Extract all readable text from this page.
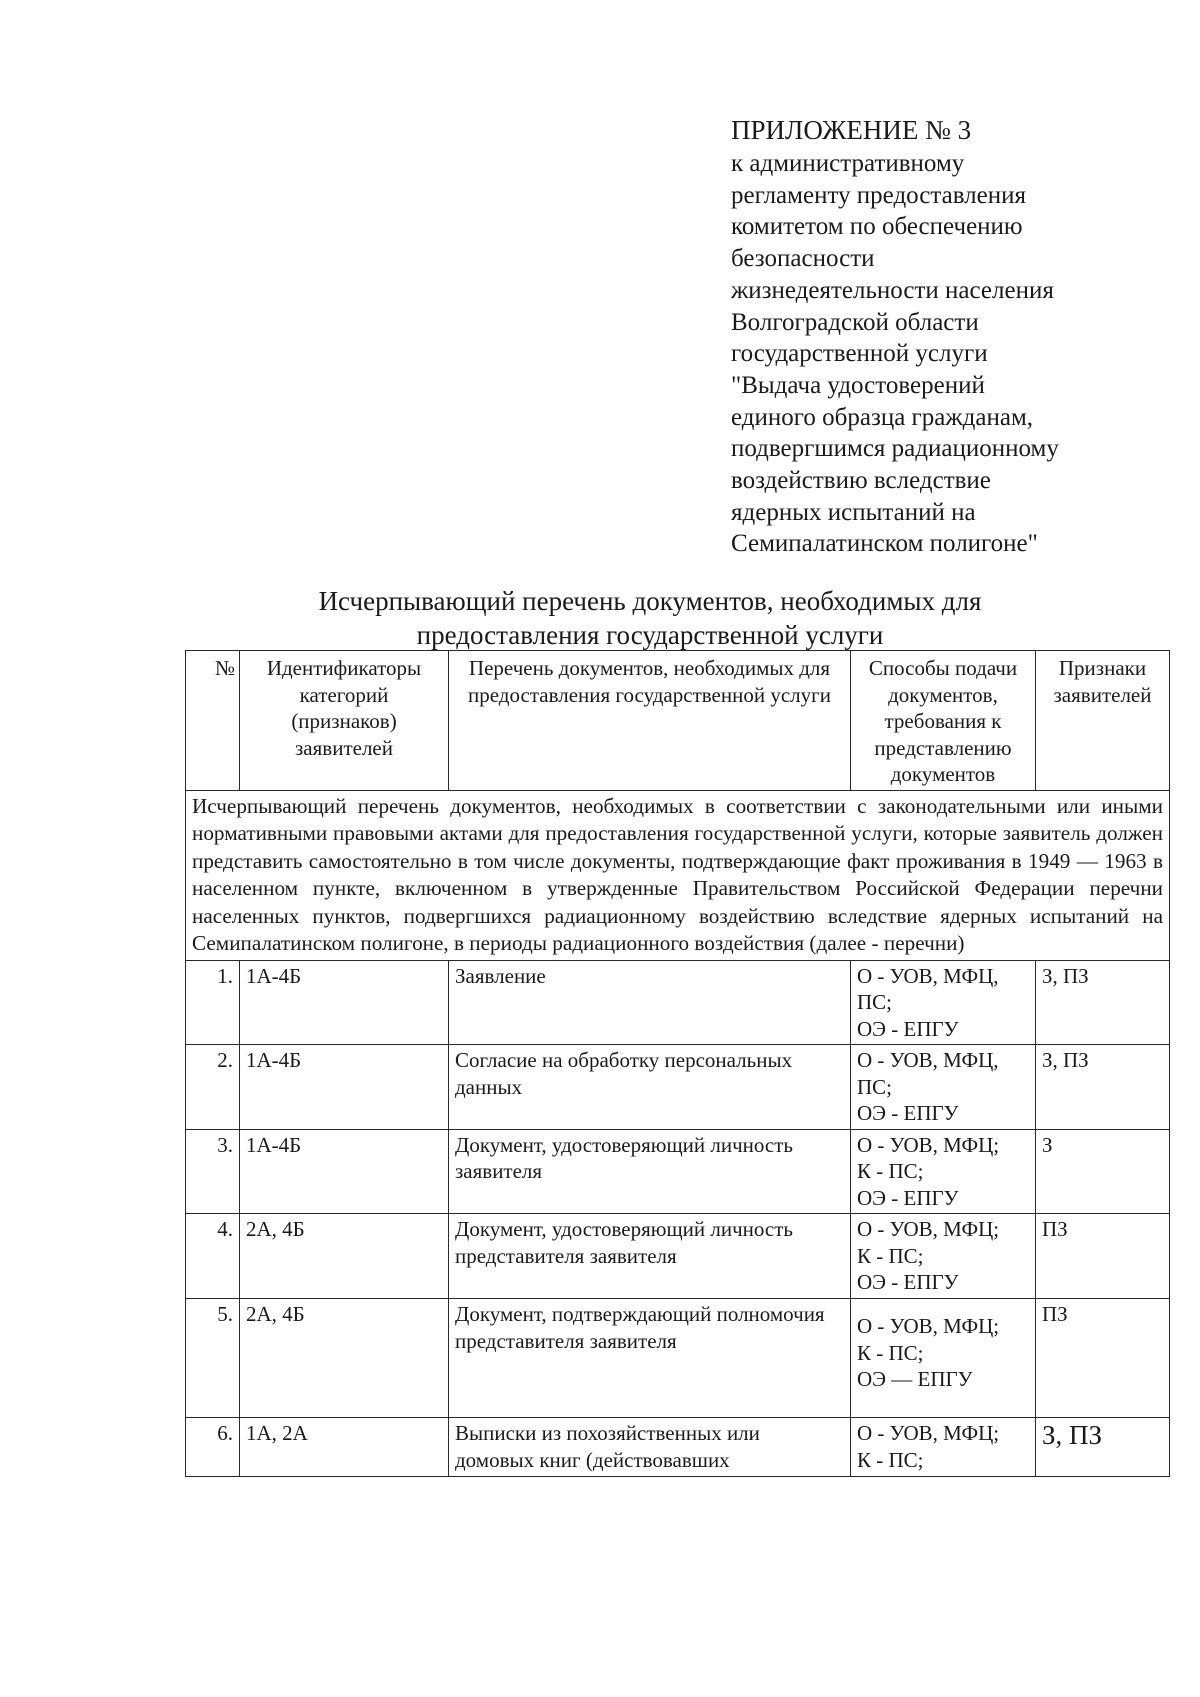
ПРИЛОЖЕНИЕ № 3
к административному
регламенту предоставления
комитетом по обеспечению
безопасности
жизнедеятельности населения
Волгоградской области
государственной услуги
"Выдача удостоверений
единого образца гражданам,
подвергшимся радиационному
воздействию вследствие
ядерных испытаний на
Семипалатинском полигоне"
Исчерпывающий перечень документов, необходимых для
предоставления государственной услуги
№	Идентификаторы категорий (признаков) заявителей	Перечень документов, необходимых для предоставления государственной услуги	Способы подачи документов, требования к представлению документов	Признаки заявителей
Исчерпывающий перечень документов, необходимых в соответствии с законодательными или иными нормативными правовыми актами для предоставления государственной услуги, которые заявитель должен представить самостоятельно в том числе документы, подтверждающие факт проживания в 1949 — 1963 в населенном пункте, включенном в утвержденные Правительством Российской Федерации перечни населенных пунктов, подвергшихся радиационному воздействию вследствие ядерных испытаний на Семипалатинском полигоне, в периоды радиационного воздействия (далее - перечни)				
1.	1А-4Б	Заявление	О - УОВ, МФЦ,
ПС;
ОЭ - ЕПГУ	З, ПЗ
2.	1А-4Б	Согласие на обработку персональных данных	О - УОВ, МФЦ,
ПС;
ОЭ - ЕПГУ	З, ПЗ
3.	1А-4Б	Документ, удостоверяющий личность заявителя	О - УОВ, МФЦ;
К - ПС;
ОЭ - ЕПГУ	З
4.	2А, 4Б	Документ, удостоверяющий личность представителя заявителя	О - УОВ, МФЦ;
К - ПС;
ОЭ - ЕПГУ	ПЗ
5.	2А, 4Б	Документ, подтверждающий полномочия представителя заявителя	О - УОВ, МФЦ;
К - ПС;
ОЭ — ЕПГУ	ПЗ
6.	1А, 2А	Выписки из похозяйственных или домовых книг (действовавших	О - УОВ, МФЦ;
К - ПС;	З, ПЗ
